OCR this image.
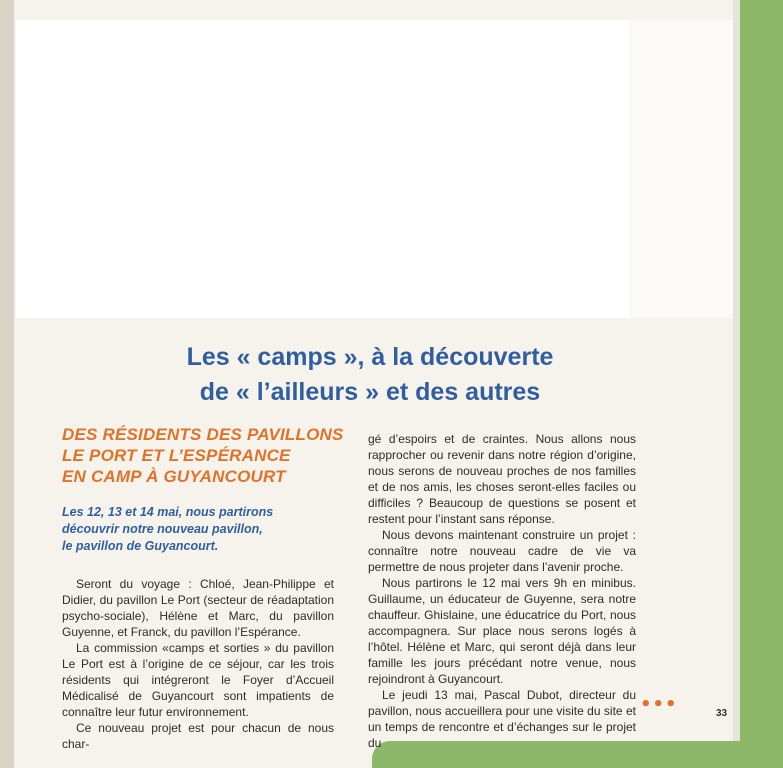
Les « camps », à la découverte
de « l’ailleurs » et des autres
DES RÉSIDENTS DES PAVILLONS
LE PORT ET L’ESPÉRANCE
EN CAMP À GUYANCOURT

Les 12, 13 et 14 mai, nous partirons
découvrir notre nouveau pavillon,
le pavillon de Guyancourt.

Seront du voyage : Chloé, Jean-Philippe et Didier, du pavillon Le Port (secteur de réadaptation psycho-sociale), Hélène et Marc, du pavillon Guyenne, et Franck, du pavillon l’Espérance.

La commission «camps et sorties » du pavillon Le Port est à l’origine de ce séjour, car les trois résidents qui intégreront le Foyer d’Accueil Médicalisé de Guyancourt sont impatients de connaître leur futur environnement.

Ce nouveau projet est pour chacun de nous char-

gé d’espoirs et de craintes. Nous allons nous rapprocher ou revenir dans notre région d’origine, nous serons de nouveau proches de nos familles et de nos amis, les choses seront-elles faciles ou difficiles ? Beaucoup de questions se posent et restent pour l’instant sans réponse.

Nous devons maintenant construire un projet : connaître notre nouveau cadre de vie va permettre de nous projeter dans l’avenir proche.

Nous partirons le 12 mai vers 9h en minibus. Guillaume, un éducateur de Guyenne, sera notre chauffeur. Ghislaine, une éducatrice du Port, nous accompagnera. Sur place nous serons logés à l’hôtel. Hélène et Marc, qui seront déjà dans leur famille les jours précédant notre venue, nous rejoindront à Guyancourt.

Le jeudi 13 mai, Pascal Dubot, directeur du pavillon, nous accueillera pour une visite du site et un temps de rencontre et d’échanges sur le projet du

•••	33
